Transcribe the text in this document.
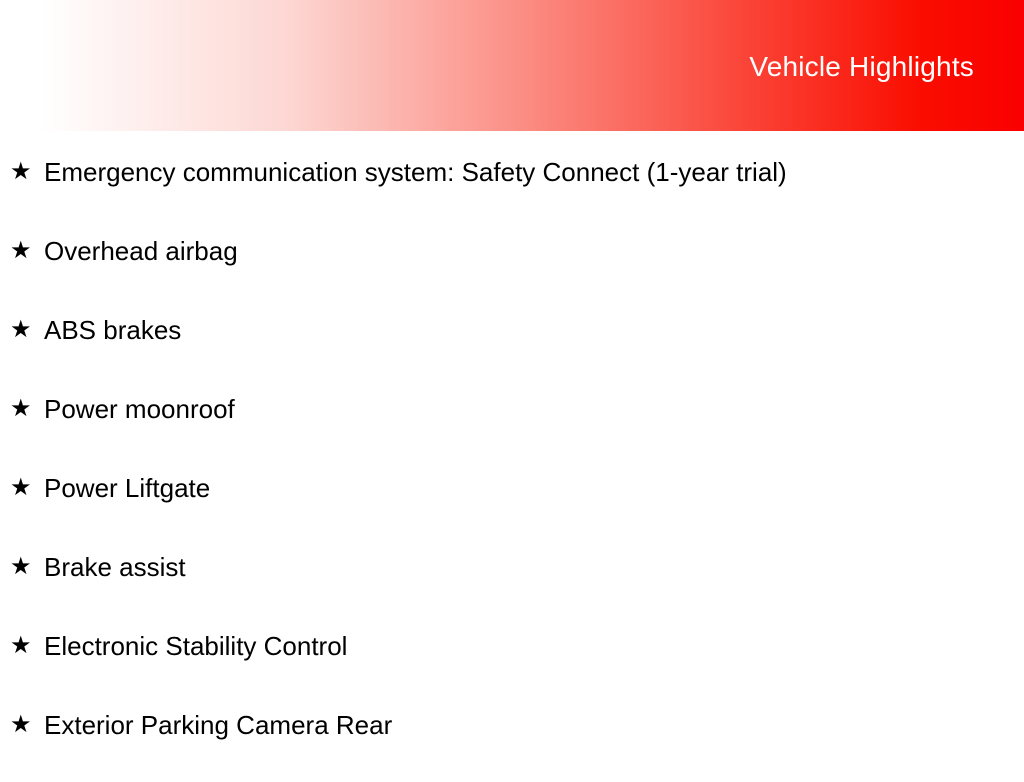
Vehicle Highlights
★ Emergency communication system: Safety Connect (1-year trial)
★ Overhead airbag
★ ABS brakes
★ Power moonroof
★ Power Liftgate
★ Brake assist
★ Electronic Stability Control
★ Exterior Parking Camera Rear
